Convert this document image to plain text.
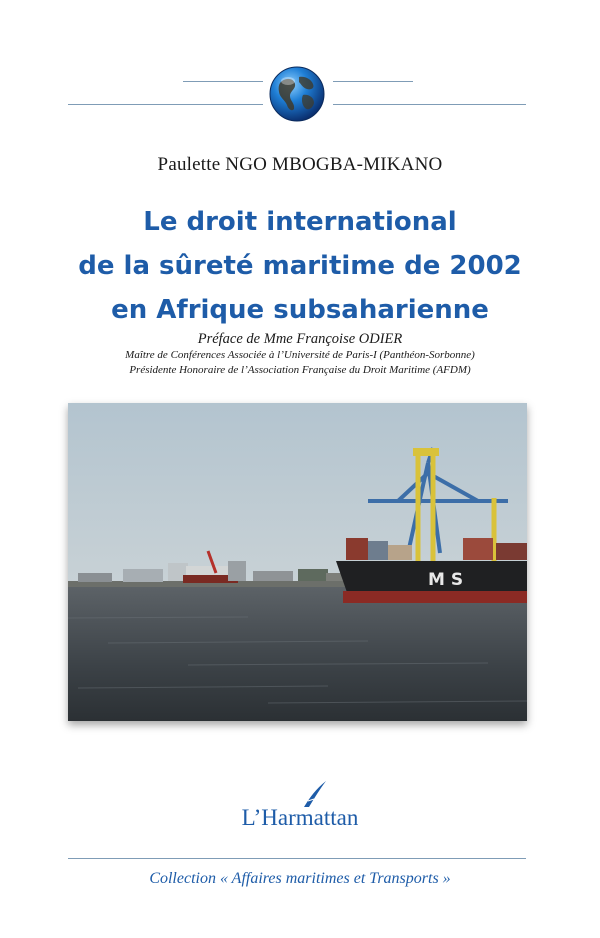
Paulette NGO MBOGBA-MIKANO
Le droit international
de la sûreté maritime de 2002
en Afrique subsaharienne
Préface de Mme Françoise ODIER
Maître de Conférences Associée à l’Université de Paris-I (Panthéon-Sorbonne)
Présidente Honoraire de l’Association Française du Droit Maritime (AFDM)
M S
L’Harmattan
Collection « Affaires maritimes et Transports »
